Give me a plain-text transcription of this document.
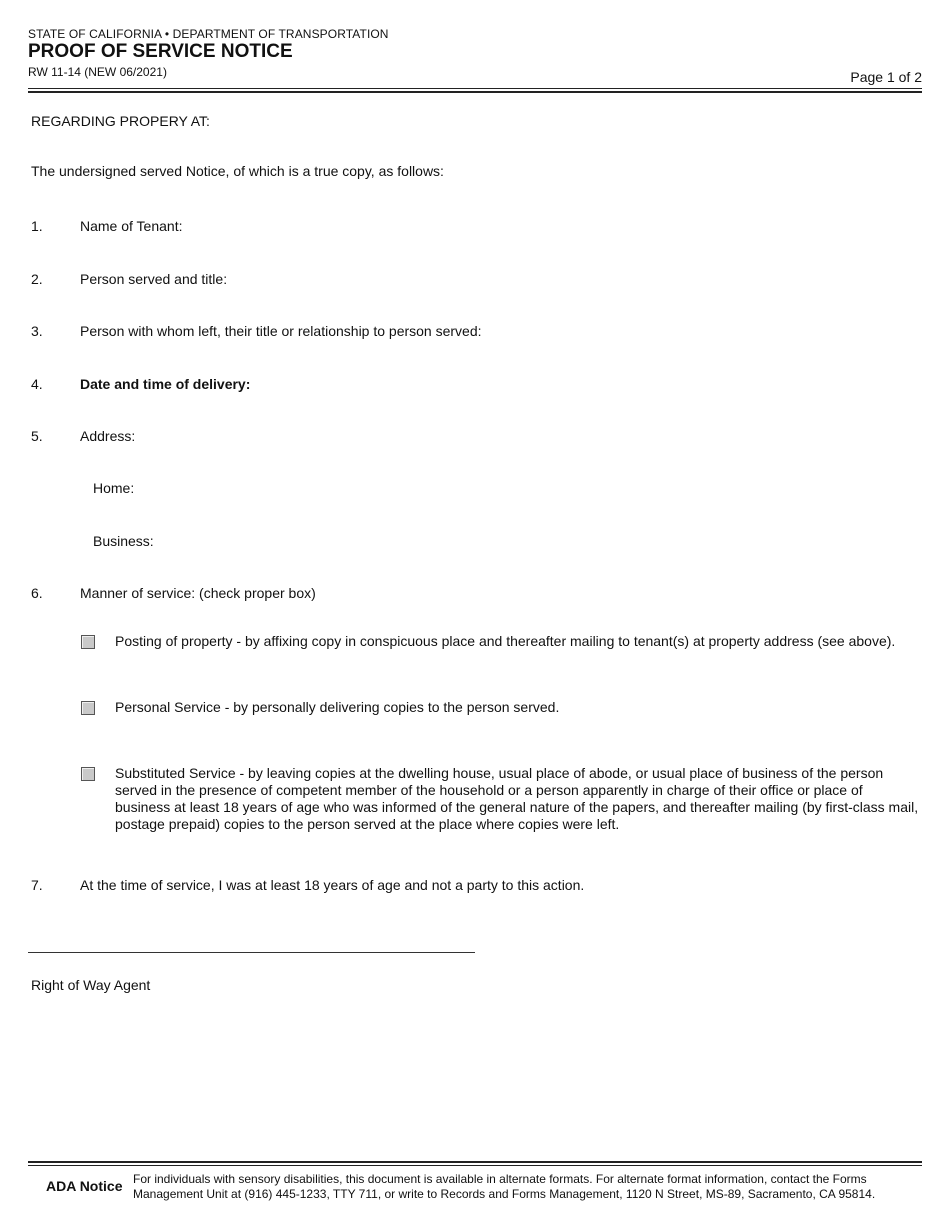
STATE OF CALIFORNIA • DEPARTMENT OF TRANSPORTATION
PROOF OF SERVICE NOTICE
RW 11-14 (NEW 06/2021)	Page 1 of 2
REGARDING PROPERY AT:
The undersigned served Notice, of which is a true copy, as follows:
1.	Name of Tenant:
2.	Person served and title:
3.	Person with whom left, their title or relationship to person served:
4.	Date and time of delivery:
5.	Address:
Home:
Business:
6.	Manner of service: (check proper box)
Posting of property - by affixing copy in conspicuous place and thereafter mailing to tenant(s) at property address (see above).
Personal Service - by personally delivering copies to the person served.
Substituted Service - by leaving copies at the dwelling house, usual place of abode, or usual place of business of the person served in the presence of competent member of the household or a person apparently in charge of their office or place of business at least 18 years of age who was informed of the general nature of the papers, and thereafter mailing (by first-class mail, postage prepaid) copies to the person served at the place where copies were left.
7.	At the time of service, I was at least 18 years of age and not a party to this action.
Right of Way Agent
ADA Notice For individuals with sensory disabilities, this document is available in alternate formats. For alternate format information, contact the Forms Management Unit at (916) 445-1233, TTY 711, or write to Records and Forms Management, 1120 N Street, MS-89, Sacramento, CA 95814.
